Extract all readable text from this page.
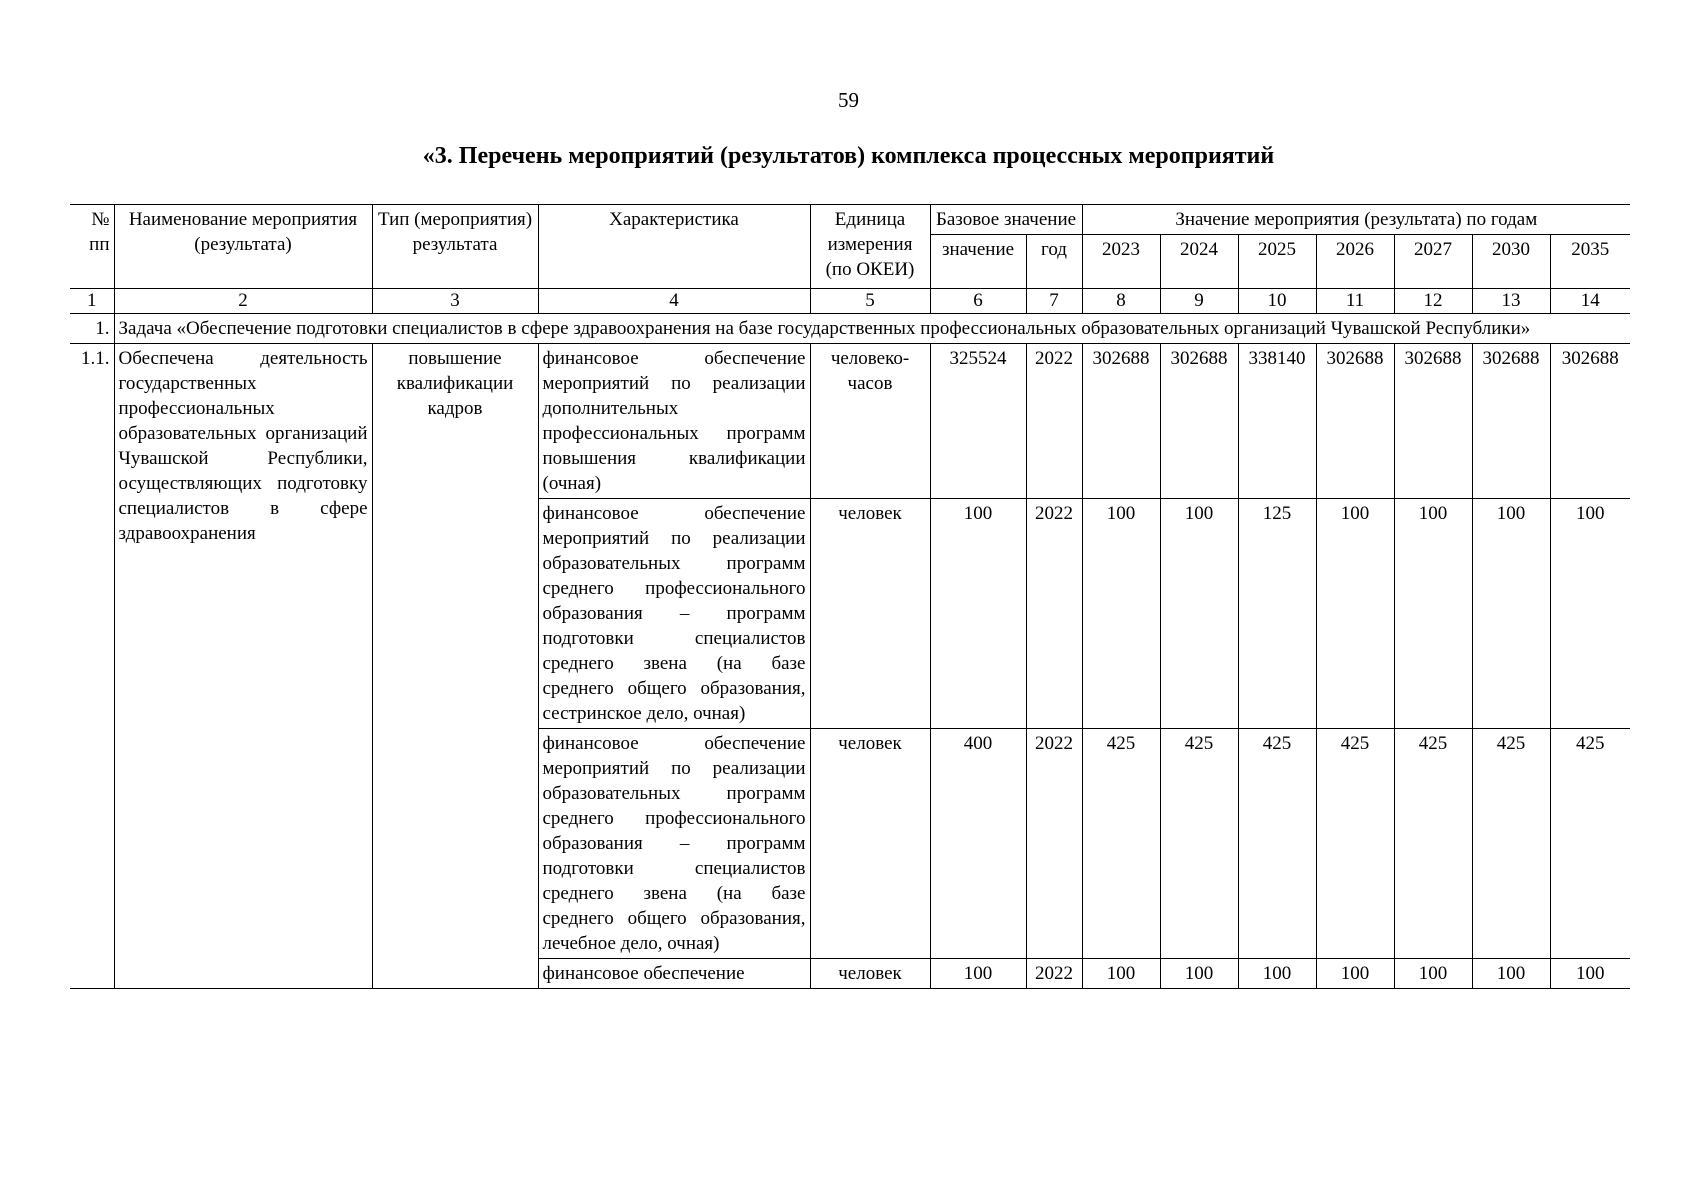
59
«3. Перечень мероприятий (результатов) комплекса процессных мероприятий
№ пп	Наименование мероприятия (результата)	Тип (мероприятия) результата	Характеристика	Единица измерения (по ОКЕИ)	Базовое значение		Значение мероприятия (результата) по годам						
					значение	год	2023	2024	2025	2026	2027	2030	2035
1	2	3	4	5	6	7	8	9	10	11	12	13	14
1.	Задача «Обеспечение подготовки специалистов в сфере здравоохранения на базе государственных профессиональных образовательных организаций Чувашской Республики»												
1.1.	Обеспечена деятельность государственных профессиональных образовательных организаций Чувашской Республики, осуществляющих подготовку специалистов в сфере здравоохранения	повышение квалификации кадров	финансовое обеспечение мероприятий по реализации дополнительных профессиональных программ повышения квалификации (очная)	человеко-часов	325524	2022	302688	302688	338140	302688	302688	302688	302688
			финансовое обеспечение мероприятий по реализации образовательных программ среднего профессионального образования – программ подготовки специалистов среднего звена (на базе среднего общего образования, сестринское дело, очная)	человек	100	2022	100	100	125	100	100	100	100
			финансовое обеспечение мероприятий по реализации образовательных программ среднего профессионального образования – программ подготовки специалистов среднего звена (на базе среднего общего образования, лечебное дело, очная)	человек	400	2022	425	425	425	425	425	425	425
			финансовое обеспечение	человек	100	2022	100	100	100	100	100	100	100
